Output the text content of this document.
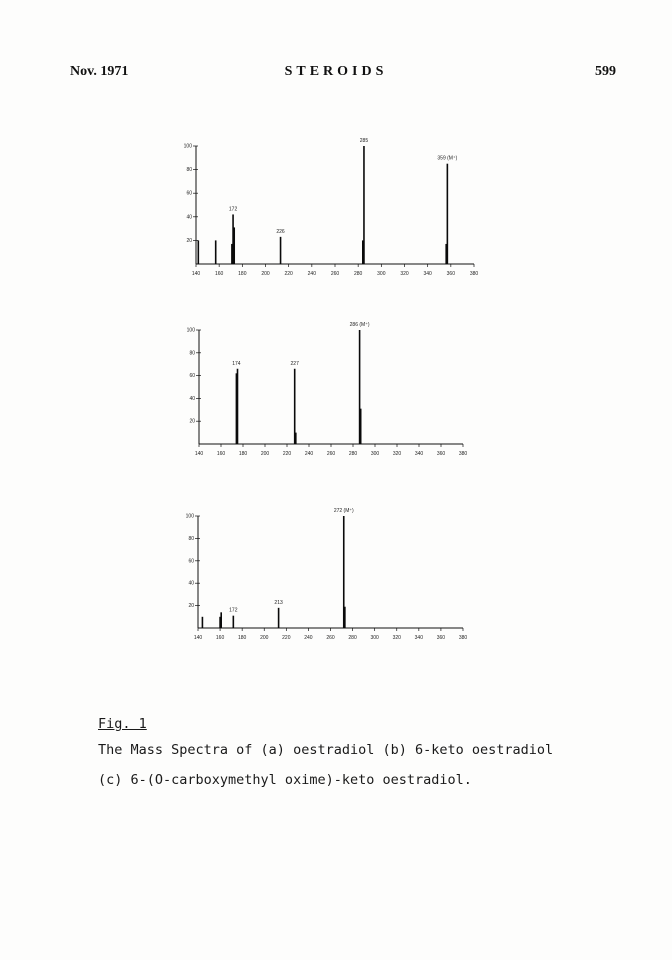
Nov. 1971	STEROIDS	599
140	160	180	200	220	240	260	280	300	320	340	360	380
20
40
60
80
100
172
226
285
359 (M⁺)
140	160	180	200	220	240	260	280	300	320	340	360	380
20
40
60
80
100
174	227
286 (M⁺)
140	160	180	200	220	240	260	280	300	320	340	360	380
20
40
60
80
100
172
213
272 (M⁺)
Fig. 1
The Mass Spectra of (a) oestradiol (b) 6-keto oestradiol
(c) 6-(O-carboxymethyl oxime)-keto oestradiol.
